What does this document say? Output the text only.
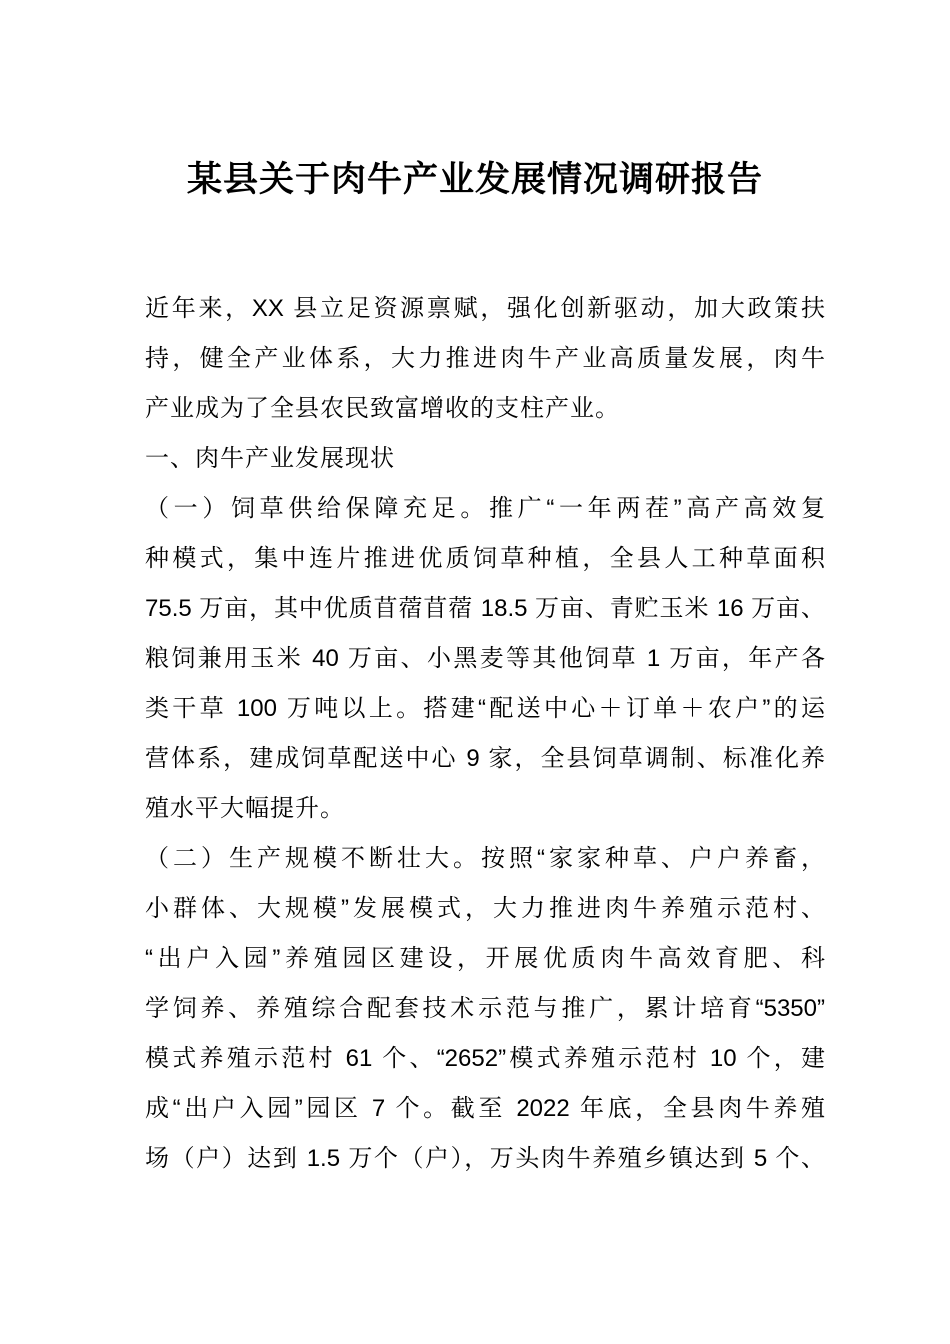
某县关于肉牛产业发展情况调研报告
近年来，XX 县立足资源禀赋，强化创新驱动，加大政策扶
持，健全产业体系，大力推进肉牛产业高质量发展，肉牛
产业成为了全县农民致富增收的支柱产业。
一、肉牛产业发展现状
（一）饲草供给保障充足。推广“一年两茬”高产高效复
种模式，集中连片推进优质饲草种植，全县人工种草面积
75.5 万亩，其中优质苜蓿苜蓿 18.5 万亩、青贮玉米 16 万亩、
粮饲兼用玉米 40 万亩、小黑麦等其他饲草 1 万亩，年产各
类干草 100 万吨以上。搭建“配送中心＋订单＋农户”的运
营体系，建成饲草配送中心 9 家，全县饲草调制、标准化养
殖水平大幅提升。
（二）生产规模不断壮大。按照“家家种草、户户养畜，
小群体、大规模”发展模式，大力推进肉牛养殖示范村、
“出户入园”养殖园区建设，开展优质肉牛高效育肥、科
学饲养、养殖综合配套技术示范与推广，累计培育“5350”
模式养殖示范村 61 个、“2652”模式养殖示范村 10 个，建
成“出户入园”园区 7 个。截至 2022 年底，全县肉牛养殖
场（户）达到 1.5 万个（户），万头肉牛养殖乡镇达到 5 个、
